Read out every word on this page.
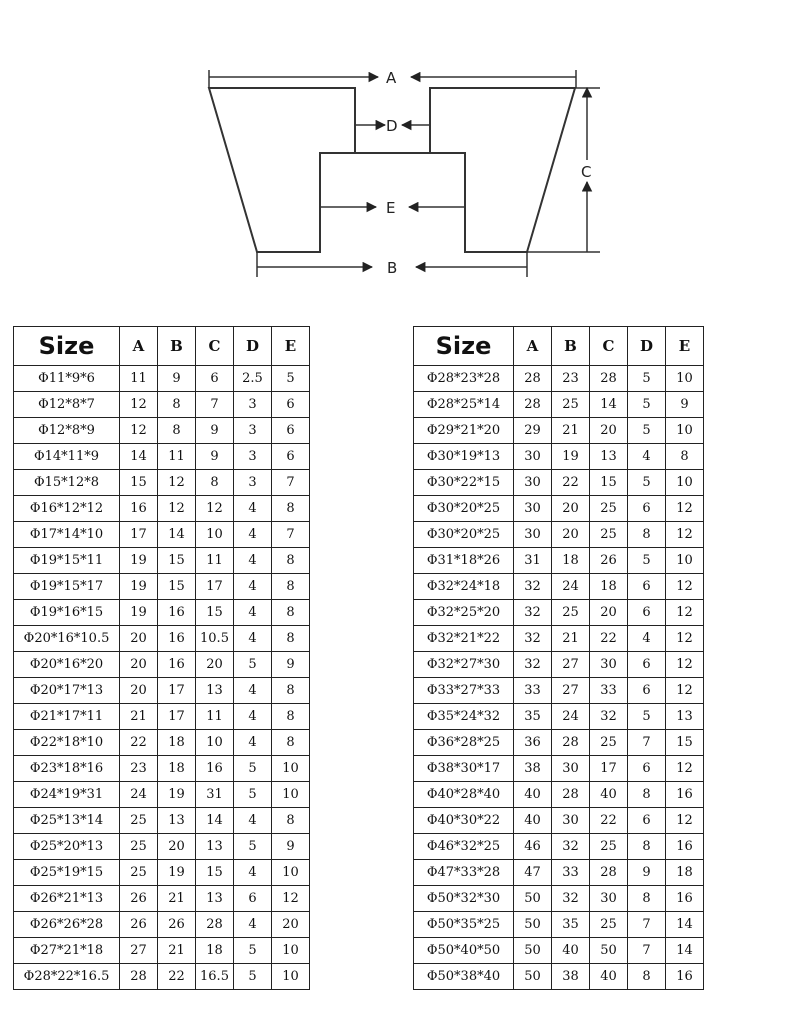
A
D
E
C
B
Size	A	B	C	D	E
Φ11*9*6	11	9	6	2.5	5
Φ12*8*7	12	8	7	3	6
Φ12*8*9	12	8	9	3	6
Φ14*11*9	14	11	9	3	6
Φ15*12*8	15	12	8	3	7
Φ16*12*12	16	12	12	4	8
Φ17*14*10	17	14	10	4	7
Φ19*15*11	19	15	11	4	8
Φ19*15*17	19	15	17	4	8
Φ19*16*15	19	16	15	4	8
Φ20*16*10.5	20	16	10.5	4	8
Φ20*16*20	20	16	20	5	9
Φ20*17*13	20	17	13	4	8
Φ21*17*11	21	17	11	4	8
Φ22*18*10	22	18	10	4	8
Φ23*18*16	23	18	16	5	10
Φ24*19*31	24	19	31	5	10
Φ25*13*14	25	13	14	4	8
Φ25*20*13	25	20	13	5	9
Φ25*19*15	25	19	15	4	10
Φ26*21*13	26	21	13	6	12
Φ26*26*28	26	26	28	4	20
Φ27*21*18	27	21	18	5	10
Φ28*22*16.5	28	22	16.5	5	10
Size	A	B	C	D	E
Φ28*23*28	28	23	28	5	10
Φ28*25*14	28	25	14	5	9
Φ29*21*20	29	21	20	5	10
Φ30*19*13	30	19	13	4	8
Φ30*22*15	30	22	15	5	10
Φ30*20*25	30	20	25	6	12
Φ30*20*25	30	20	25	8	12
Φ31*18*26	31	18	26	5	10
Φ32*24*18	32	24	18	6	12
Φ32*25*20	32	25	20	6	12
Φ32*21*22	32	21	22	4	12
Φ32*27*30	32	27	30	6	12
Φ33*27*33	33	27	33	6	12
Φ35*24*32	35	24	32	5	13
Φ36*28*25	36	28	25	7	15
Φ38*30*17	38	30	17	6	12
Φ40*28*40	40	28	40	8	16
Φ40*30*22	40	30	22	6	12
Φ46*32*25	46	32	25	8	16
Φ47*33*28	47	33	28	9	18
Φ50*32*30	50	32	30	8	16
Φ50*35*25	50	35	25	7	14
Φ50*40*50	50	40	50	7	14
Φ50*38*40	50	38	40	8	16
